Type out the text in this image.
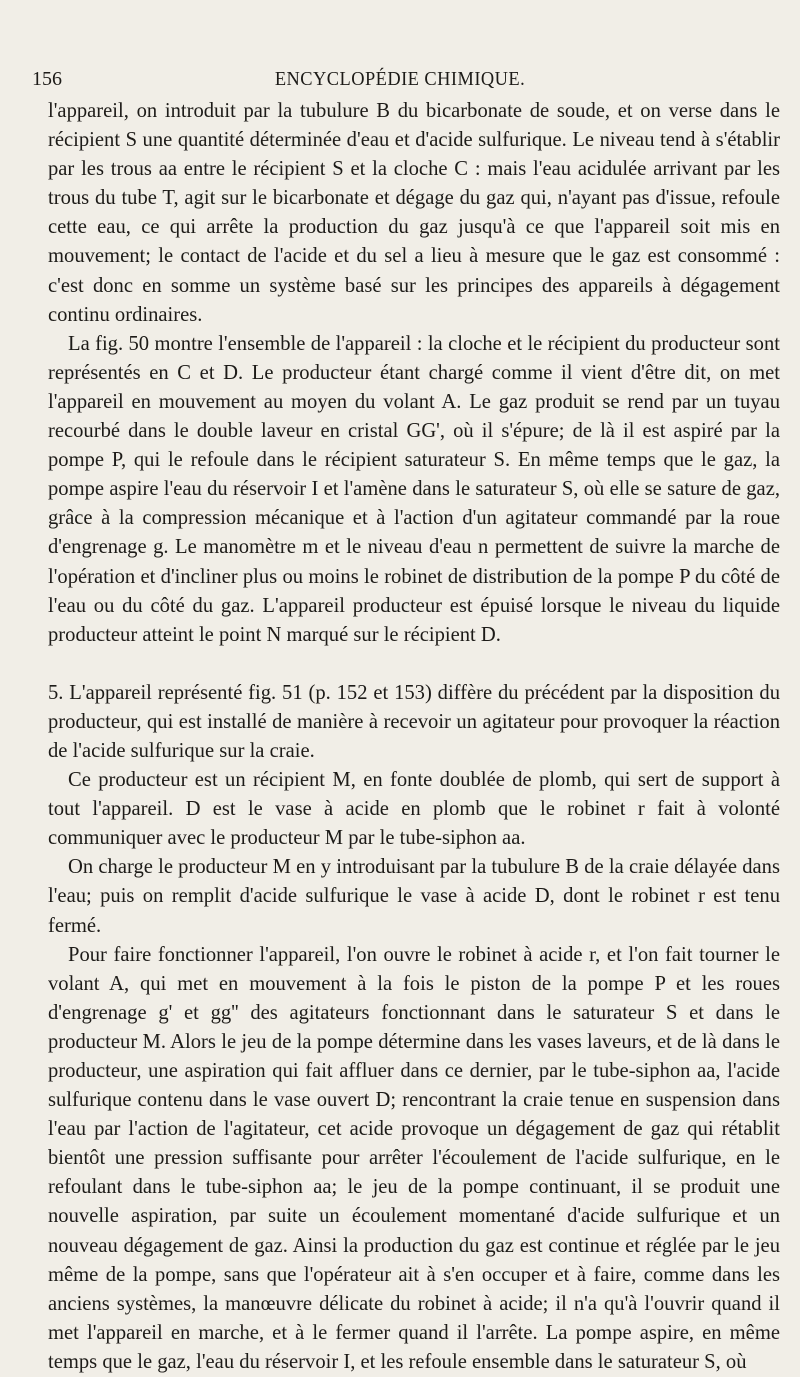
156	ENCYCLOPÉDIE CHIMIQUE.

l'appareil, on introduit par la tubulure B du bicarbonate de soude, et on verse dans le récipient S une quantité déterminée d'eau et d'acide sulfurique. Le niveau tend à s'établir par les trous aa entre le récipient S et la cloche C : mais l'eau acidulée arrivant par les trous du tube T, agit sur le bicarbonate et dégage du gaz qui, n'ayant pas d'issue, refoule cette eau, ce qui arrête la production du gaz jusqu'à ce que l'appareil soit mis en mouvement; le contact de l'acide et du sel a lieu à mesure que le gaz est consommé : c'est donc en somme un système basé sur les principes des appareils à dégagement continu ordinaires.

La fig. 50 montre l'ensemble de l'appareil : la cloche et le récipient du producteur sont représentés en C et D. Le producteur étant chargé comme il vient d'être dit, on met l'appareil en mouvement au moyen du volant A. Le gaz produit se rend par un tuyau recourbé dans le double laveur en cristal GG', où il s'épure; de là il est aspiré par la pompe P, qui le refoule dans le récipient saturateur S. En même temps que le gaz, la pompe aspire l'eau du réservoir I et l'amène dans le saturateur S, où elle se sature de gaz, grâce à la compression mécanique et à l'action d'un agitateur commandé par la roue d'engrenage g. Le manomètre m et le niveau d'eau n permettent de suivre la marche de l'opération et d'incliner plus ou moins le robinet de distribution de la pompe P du côté de l'eau ou du côté du gaz. L'appareil producteur est épuisé lorsque le niveau du liquide producteur atteint le point N marqué sur le récipient D.

5. L'appareil représenté fig. 51 (p. 152 et 153) diffère du précédent par la disposition du producteur, qui est installé de manière à recevoir un agitateur pour provoquer la réaction de l'acide sulfurique sur la craie.

Ce producteur est un récipient M, en fonte doublée de plomb, qui sert de support à tout l'appareil. D est le vase à acide en plomb que le robinet r fait à volonté communiquer avec le producteur M par le tube-siphon aa.

On charge le producteur M en y introduisant par la tubulure B de la craie délayée dans l'eau; puis on remplit d'acide sulfurique le vase à acide D, dont le robinet r est tenu fermé.

Pour faire fonctionner l'appareil, l'on ouvre le robinet à acide r, et l'on fait tourner le volant A, qui met en mouvement à la fois le piston de la pompe P et les roues d'engrenage g' et gg'' des agitateurs fonctionnant dans le saturateur S et dans le producteur M. Alors le jeu de la pompe détermine dans les vases laveurs, et de là dans le producteur, une aspiration qui fait affluer dans ce dernier, par le tube-siphon aa, l'acide sulfurique contenu dans le vase ouvert D; rencontrant la craie tenue en suspension dans l'eau par l'action de l'agitateur, cet acide provoque un dégagement de gaz qui rétablit bientôt une pression suffisante pour arrêter l'écoulement de l'acide sulfurique, en le refoulant dans le tube-siphon aa; le jeu de la pompe continuant, il se produit une nouvelle aspiration, par suite un écoulement momentané d'acide sulfurique et un nouveau dégagement de gaz. Ainsi la production du gaz est continue et réglée par le jeu même de la pompe, sans que l'opérateur ait à s'en occuper et à faire, comme dans les anciens systèmes, la manœuvre délicate du robinet à acide; il n'a qu'à l'ouvrir quand il met l'appareil en marche, et à le fermer quand il l'arrête. La pompe aspire, en même temps que le gaz, l'eau du réservoir I, et les refoule ensemble dans le saturateur S, où
